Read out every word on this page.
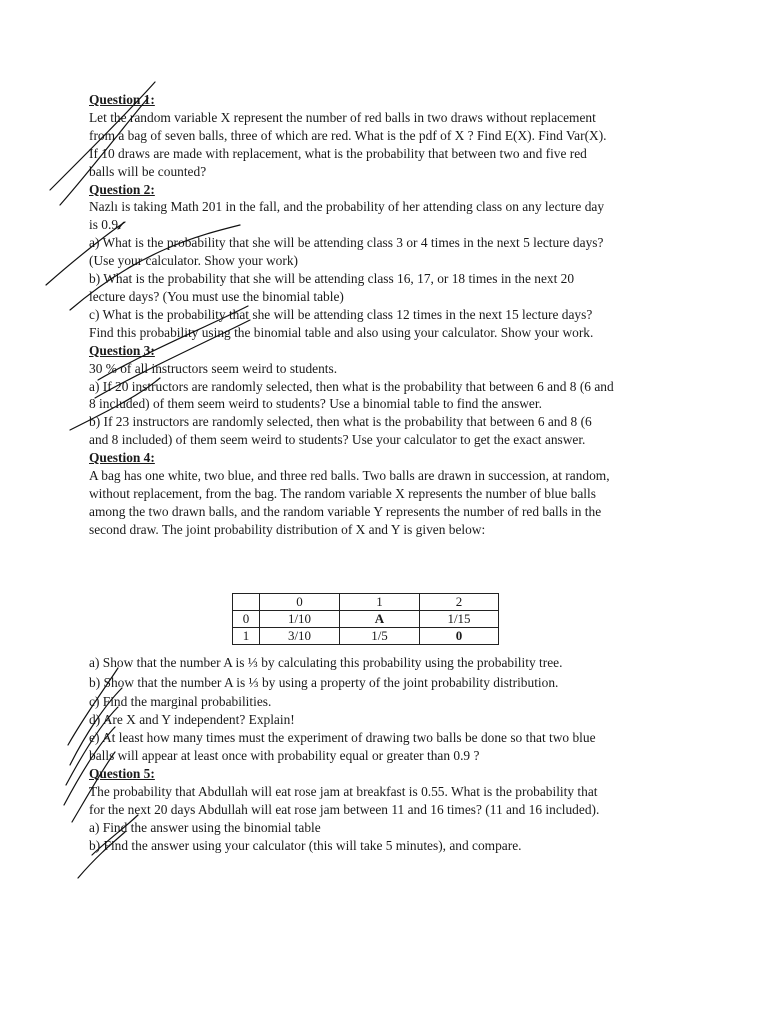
Question 1:
Let the random variable X represent the number of red balls in two draws without replacement
from a bag of seven balls, three of which are red. What is the pdf of X ? Find E(X). Find Var(X).
If 10 draws are made with replacement, what is the probability that between two and five red
balls will be counted?
Question 2:
Nazlı is taking Math 201 in the fall, and the probability of her attending class on any lecture day
is 0.9.
a) What is the probability that she will be attending class 3 or 4 times in the next 5 lecture days?
(Use your calculator. Show your work)
b) What is the probability that she will be attending class 16, 17, or 18 times in the next 20
lecture days? (You must use the binomial table)
c) What is the probability that she will be attending class 12 times in the next 15 lecture days?
Find this probability using the binomial table and also using your calculator. Show your work.
Question 3:
30 % of all instructors seem weird to students.
a) If 20 instructors are randomly selected, then what is the probability that between 6 and 8 (6 and
8 included) of them seem weird to students? Use a binomial table to find the answer.
b) If 23 instructors are randomly selected, then what is the probability that between 6 and 8 (6
and 8 included) of them seem weird to students? Use your calculator to get the exact answer.
Question 4:
A bag has one white, two blue, and three red balls. Two balls are drawn in succession, at random,
without replacement, from the bag. The random variable X represents the number of blue balls
among the two drawn balls, and the random variable Y represents the number of red balls in the
second draw. The joint probability distribution of X and Y is given below:
	0	1	2
0	1/10	A	1/15
1	3/10	1/5	0
a) Show that the number A is ⅓ by calculating this probability using the probability tree.
b) Show that the number A is ⅓ by using a property of the joint probability distribution.
c) Find the marginal probabilities.
d) Are X and Y independent? Explain!
e) At least how many times must the experiment of drawing two balls be done so that two blue
balls will appear at least once with probability equal or greater than 0.9 ?
Question 5:
The probability that Abdullah will eat rose jam at breakfast is 0.55. What is the probability that
for the next 20 days Abdullah will eat rose jam between 11 and 16 times? (11 and 16 included).
a) Find the answer using the binomial table
b) Find the answer using your calculator (this will take 5 minutes), and compare.
